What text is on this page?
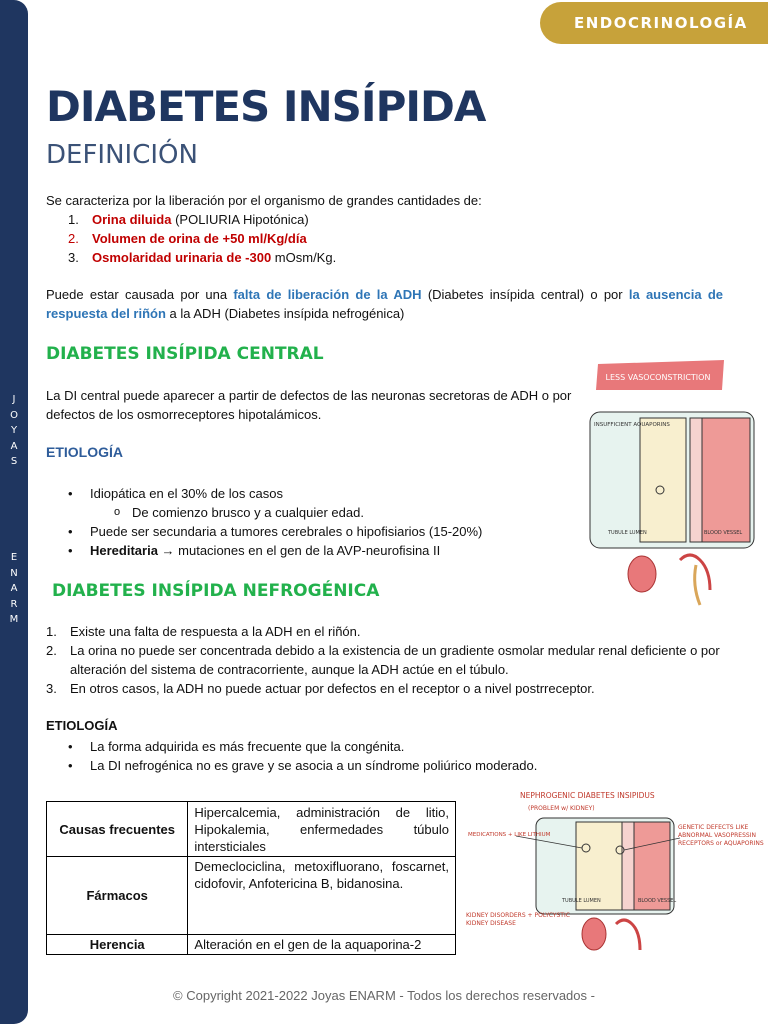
J
O
Y
A
S
E
N
A
R
M
ENDOCRINOLOGÍA
DIABETES INSÍPIDA
DEFINICIÓN
Se caracteriza por la liberación por el organismo de grandes cantidades de:
1. Orina diluida (POLIURIA Hipotónica)
2. Volumen de orina de +50 ml/Kg/día
3. Osmolaridad urinaria de -300 mOsm/Kg.
Puede estar causada por una falta de liberación de la ADH (Diabetes insípida central) o por la ausencia de respuesta del riñón a la ADH (Diabetes insípida nefrogénica)
DIABETES INSÍPIDA CENTRAL
La DI central puede aparecer a partir de defectos de las neuronas secretoras de ADH o por defectos de los osmorreceptores hipotalámicos.
ETIOLOGÍA
• Idiopática en el 30% de los casos
o De comienzo brusco y a cualquier edad.
• Puede ser secundaria a tumores cerebrales o hipofisiarios (15-20%)
• Hereditaria → mutaciones en el gen de la AVP-neurofisina II
LESS VASOCONSTRICTION
INSUFFICIENT AQUAPORINS
TUBULE LUMEN	BLOOD VESSEL
DIABETES INSÍPIDA NEFROGÉNICA
1. Existe una falta de respuesta a la ADH en el riñón.
2. La orina no puede ser concentrada debido a la existencia de un gradiente osmolar medular renal deficiente o por alteración del sistema de contracorriente, aunque la ADH actúe en el túbulo.
3. En otros casos, la ADH no puede actuar por defectos en el receptor o a nivel postrreceptor.
ETIOLOGÍA
• La forma adquirida es más frecuente que la congénita.
• La DI nefrogénica no es grave y se asocia a un síndrome poliúrico moderado.
Causas frecuentes	Hipercalcemia, administración de litio, Hipokalemia, enfermedades túbulo intersticiales
Fármacos	Demeclociclina, metoxifluorano, foscarnet, cidofovir, Anfotericina B, bidanosina.
Herencia	Alteración en el gen de la aquaporina-2
NEPHROGENIC DIABETES INSIPIDUS
(PROBLEM w/ KIDNEY)
MEDICATIONS + LIKE LITHIUM
GENETIC DEFECTS LIKE ABNORMAL VASOPRESSIN RECEPTORS or AQUAPORINS
TUBULE LUMEN	BLOOD VESSEL
KIDNEY DISORDERS + POLYCYSTIC KIDNEY DISEASE
© Copyright 2021-2022 Joyas ENARM - Todos los derechos reservados -
